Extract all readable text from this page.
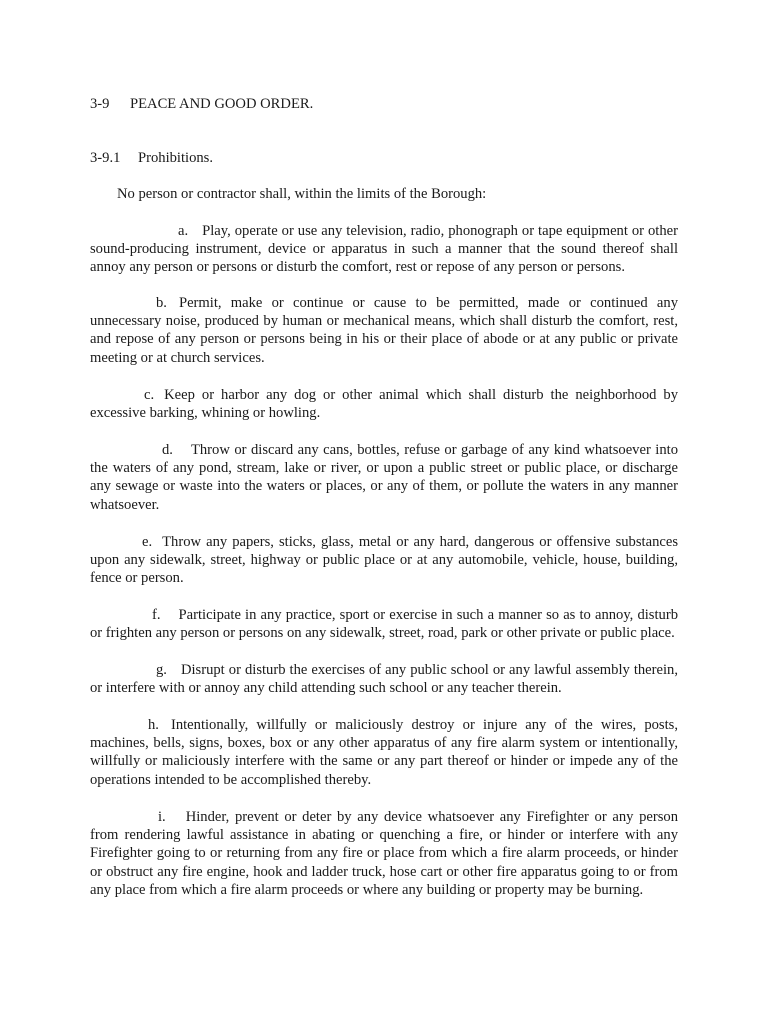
3-9 PEACE AND GOOD ORDER.
3-9.1 Prohibitions.

No person or contractor shall, within the limits of the Borough:

a. Play, operate or use any television, radio, phonograph or tape equipment or other sound-producing instrument, device or apparatus in such a manner that the sound thereof shall annoy any person or persons or disturb the comfort, rest or repose of any person or persons.

b. Permit, make or continue or cause to be permitted, made or continued any unnecessary noise, produced by human or mechanical means, which shall disturb the comfort, rest, and repose of any person or persons being in his or their place of abode or at any public or private meeting or at church services.

c. Keep or harbor any dog or other animal which shall disturb the neighborhood by excessive barking, whining or howling.

d. Throw or discard any cans, bottles, refuse or garbage of any kind whatsoever into the waters of any pond, stream, lake or river, or upon a public street or public place, or discharge any sewage or waste into the waters or places, or any of them, or pollute the waters in any manner whatsoever.

e. Throw any papers, sticks, glass, metal or any hard, dangerous or offensive substances upon any sidewalk, street, highway or public place or at any automobile, vehicle, house, building, fence or person.

f. Participate in any practice, sport or exercise in such a manner so as to annoy, disturb or frighten any person or persons on any sidewalk, street, road, park or other private or public place.

g. Disrupt or disturb the exercises of any public school or any lawful assembly therein, or interfere with or annoy any child attending such school or any teacher therein.

h. Intentionally, willfully or maliciously destroy or injure any of the wires, posts, machines, bells, signs, boxes, box or any other apparatus of any fire alarm system or intentionally, willfully or maliciously interfere with the same or any part thereof or hinder or impede any of the operations intended to be accomplished thereby.

i. Hinder, prevent or deter by any device whatsoever any Firefighter or any person from rendering lawful assistance in abating or quenching a fire, or hinder or interfere with any Firefighter going to or returning from any fire or place from which a fire alarm proceeds, or hinder or obstruct any fire engine, hook and ladder truck, hose cart or other fire apparatus going to or from any place from which a fire alarm proceeds or where any building or property may be burning.
